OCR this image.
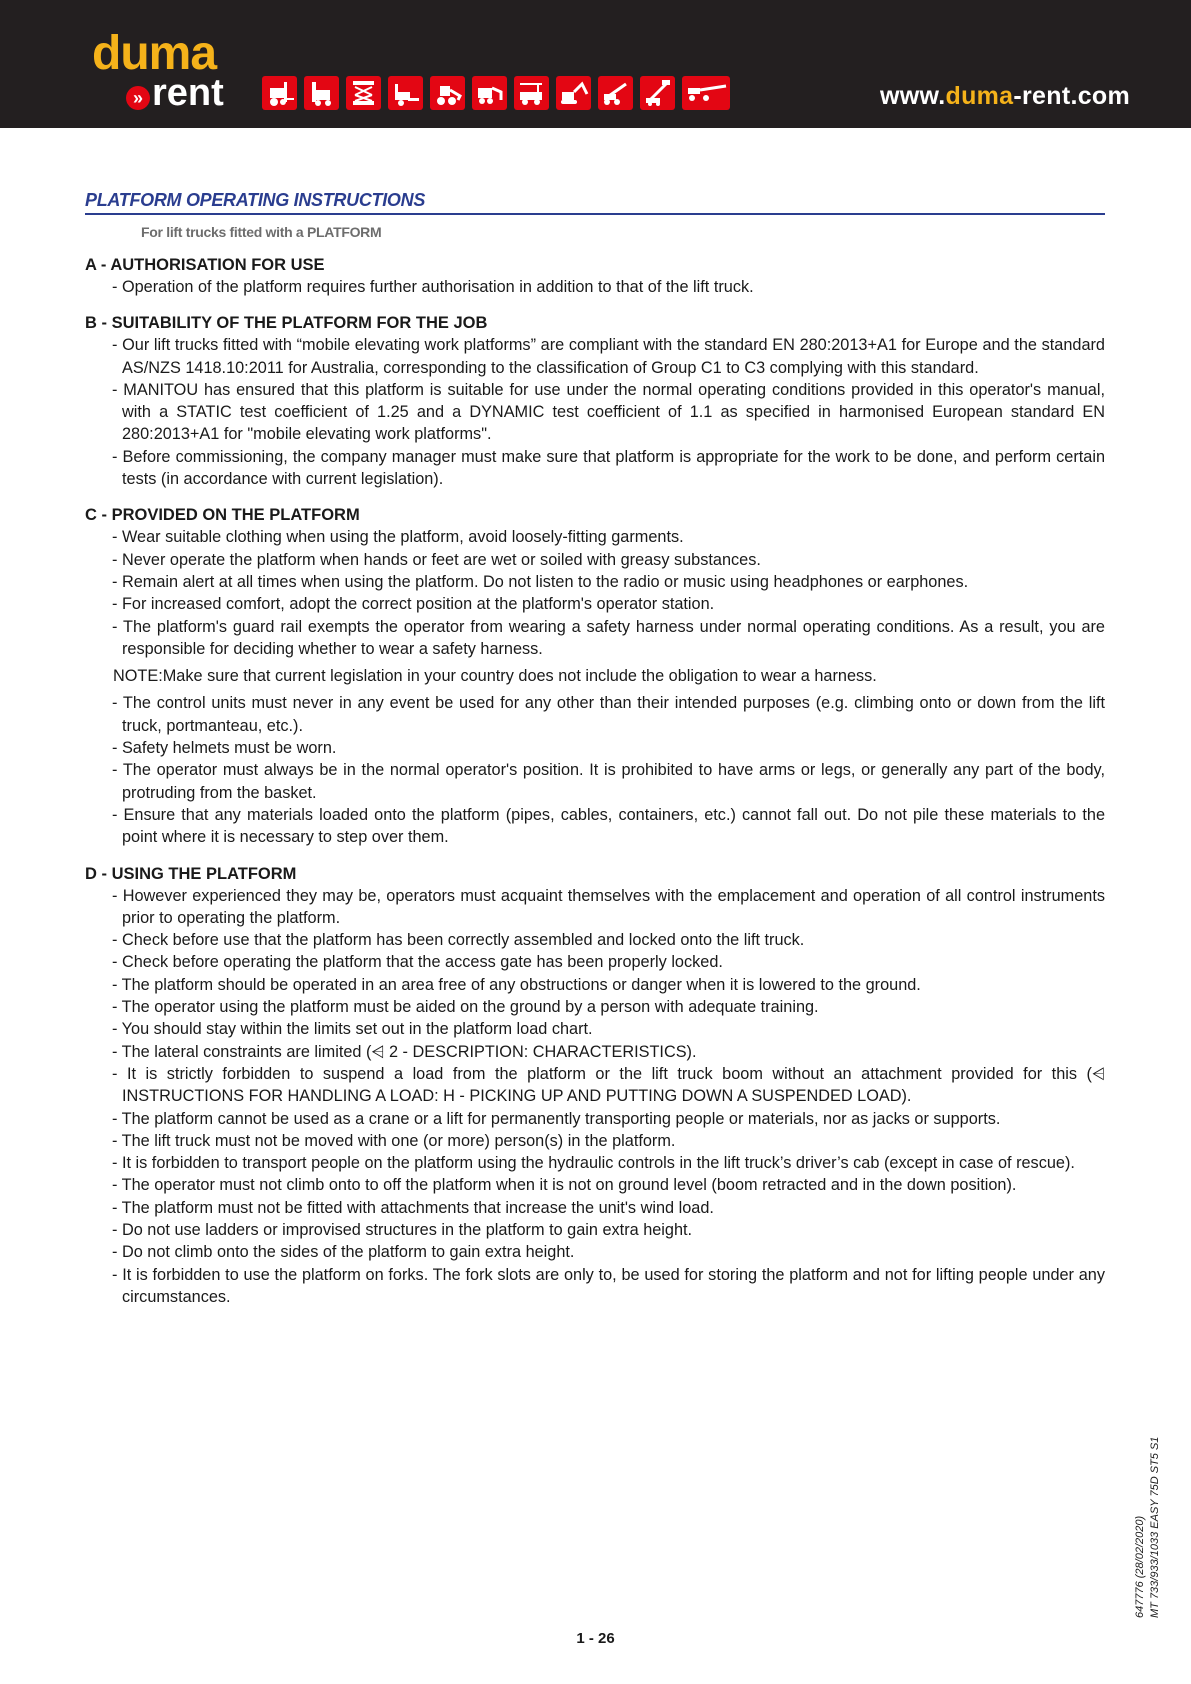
duma
» rent	www.duma-rent.com
PLATFORM OPERATING INSTRUCTIONS
For lift trucks fitted with a PLATFORM
A - AUTHORISATION FOR USE
- Operation of the platform requires further authorisation in addition to that of the lift truck.
B - SUITABILITY OF THE PLATFORM FOR THE JOB
- Our lift trucks fitted with “mobile elevating work platforms” are compliant with the standard EN 280:2013+A1 for Europe and the standard AS/NZS 1418.10:2011 for Australia, corresponding to the classification of Group C1 to C3 complying with this standard.
- MANITOU has ensured that this platform is suitable for use under the normal operating conditions provided in this operator's manual, with a STATIC test coefficient of 1.25 and a DYNAMIC test coefficient of 1.1 as specified in harmonised European standard EN 280:2013+A1 for "mobile elevating work platforms".
- Before commissioning, the company manager must make sure that platform is appropriate for the work to be done, and perform certain tests (in accordance with current legislation).
C - PROVIDED ON THE PLATFORM
- Wear suitable clothing when using the platform, avoid loosely-fitting garments.
- Never operate the platform when hands or feet are wet or soiled with greasy substances.
- Remain alert at all times when using the platform. Do not listen to the radio or music using headphones or earphones.
- For increased comfort, adopt the correct position at the platform's operator station.
- The platform's guard rail exempts the operator from wearing a safety harness under normal operating conditions. As a result, you are responsible for deciding whether to wear a safety harness.
NOTE:Make sure that current legislation in your country does not include the obligation to wear a harness.
- The control units must never in any event be used for any other than their intended purposes (e.g. climbing onto or down from the lift truck, portmanteau, etc.).
- Safety helmets must be worn.
- The operator must always be in the normal operator's position. It is prohibited to have arms or legs, or generally any part of the body, protruding from the basket.
- Ensure that any materials loaded onto the platform (pipes, cables, containers, etc.) cannot fall out. Do not pile these materials to the point where it is necessary to step over them.
D - USING THE PLATFORM
- However experienced they may be, operators must acquaint themselves with the emplacement and operation of all control instruments prior to operating the platform.
- Check before use that the platform has been correctly assembled and locked onto the lift truck.
- Check before operating the platform that the access gate has been properly locked.
- The platform should be operated in an area free of any obstructions or danger when it is lowered to the ground.
- The operator using the platform must be aided on the ground by a person with adequate training.
- You should stay within the limits set out in the platform load chart.
- The lateral constraints are limited (⩤ 2 - DESCRIPTION: CHARACTERISTICS).
- It is strictly forbidden to suspend a load from the platform or the lift truck boom without an attachment provided for this (⩤ INSTRUCTIONS FOR HANDLING A LOAD: H - PICKING UP AND PUTTING DOWN A SUSPENDED LOAD).
- The platform cannot be used as a crane or a lift for permanently transporting people or materials, nor as jacks or supports.
- The lift truck must not be moved with one (or more) person(s) in the platform.
- It is forbidden to transport people on the platform using the hydraulic controls in the lift truck’s driver’s cab (except in case of rescue).
- The operator must not climb onto to off the platform when it is not on ground level (boom retracted and in the down position).
- The platform must not be fitted with attachments that increase the unit's wind load.
- Do not use ladders or improvised structures in the platform to gain extra height.
- Do not climb onto the sides of the platform to gain extra height.
- It is forbidden to use the platform on forks. The fork slots are only to, be used for storing the platform and not for lifting people under any circumstances.
647776 (28/02/2020) MT 733/933/1033 EASY 75D ST5 S1
1 - 26
